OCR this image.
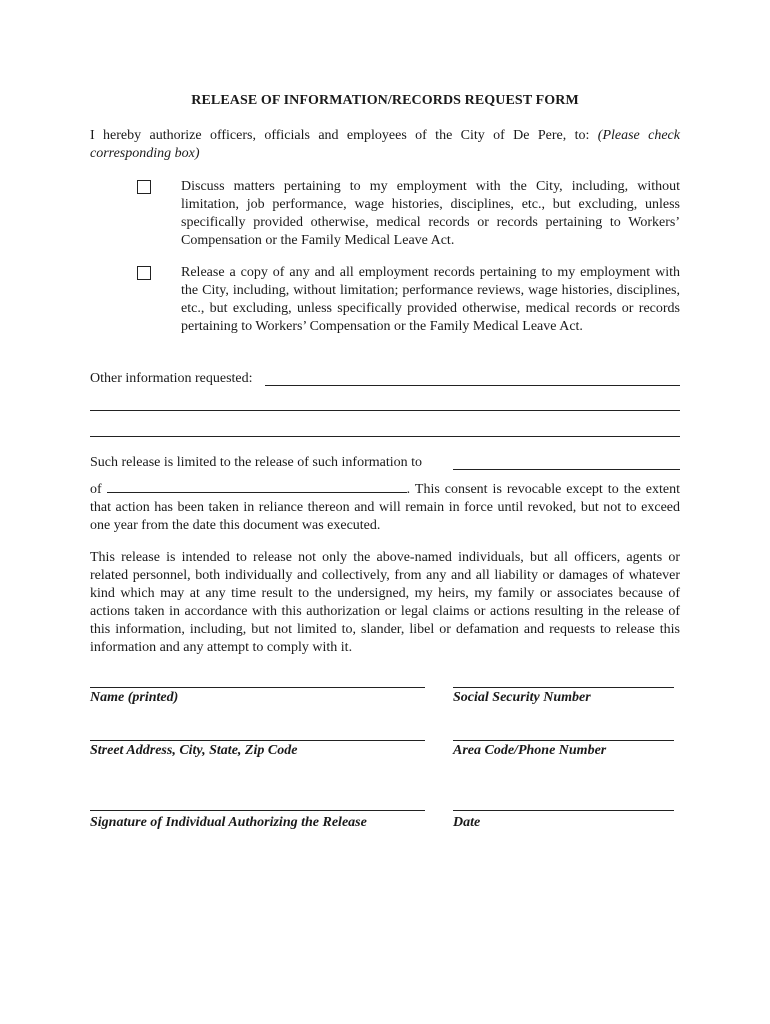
RELEASE OF INFORMATION/RECORDS REQUEST FORM
I hereby authorize officers, officials and employees of the City of De Pere, to: (Please check corresponding box)
Discuss matters pertaining to my employment with the City, including, without limitation, job performance, wage histories, disciplines, etc., but excluding, unless specifically provided otherwise, medical records or records pertaining to Workers’ Compensation or the Family Medical Leave Act.
Release a copy of any and all employment records pertaining to my employment with the City, including, without limitation; performance reviews, wage histories, disciplines, etc., but excluding, unless specifically provided otherwise, medical records or records pertaining to Workers’ Compensation or the Family Medical Leave Act.
Other information requested:
Such release is limited to the release of such information to
of	. This consent is revocable except to the extent that action has been taken in reliance thereon and will remain in force until revoked, but not to exceed one year from the date this document was executed.
This release is intended to release not only the above-named individuals, but all officers, agents or related personnel, both individually and collectively, from any and all liability or damages of whatever kind which may at any time result to the undersigned, my heirs, my family or associates because of actions taken in accordance with this authorization or legal claims or actions resulting in the release of this information, including, but not limited to, slander, libel or defamation and requests to release this information and any attempt to comply with it.
Name (printed)	Social Security Number
Street Address, City, State, Zip Code	Area Code/Phone Number
Signature of Individual Authorizing the Release	Date
